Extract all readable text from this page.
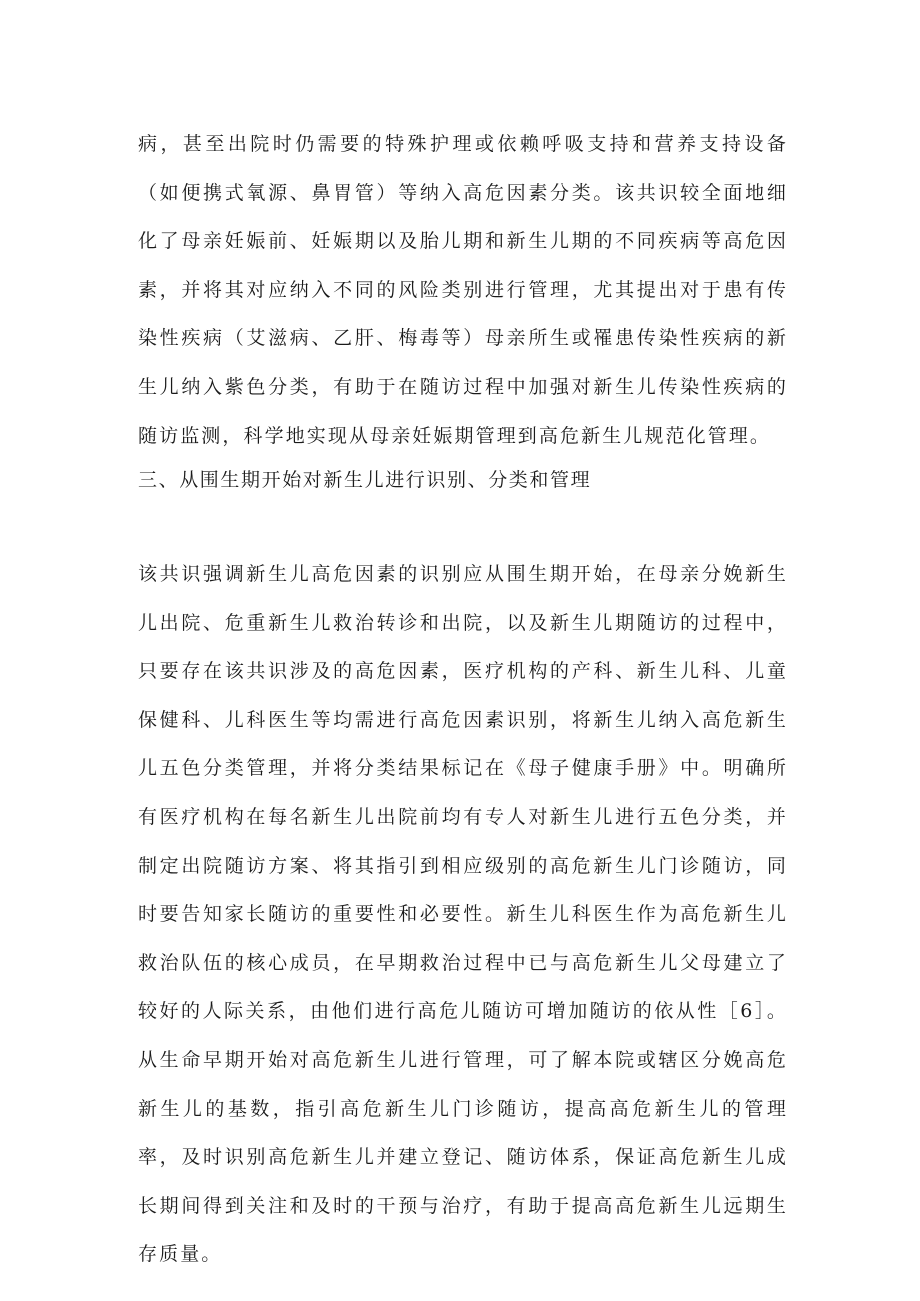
病，甚至出院时仍需要的特殊护理或依赖呼吸支持和营养支持设备（如便携式氧源、鼻胃管）等纳入高危因素分类。该共识较全面地细化了母亲妊娠前、妊娠期以及胎儿期和新生儿期的不同疾病等高危因素，并将其对应纳入不同的风险类别进行管理，尤其提出对于患有传染性疾病（艾滋病、乙肝、梅毒等）母亲所生或罹患传染性疾病的新生儿纳入紫色分类，有助于在随访过程中加强对新生儿传染性疾病的随访监测，科学地实现从母亲妊娠期管理到高危新生儿规范化管理。

三、从围生期开始对新生儿进行识别、分类和管理

该共识强调新生儿高危因素的识别应从围生期开始，在母亲分娩新生儿出院、危重新生儿救治转诊和出院，以及新生儿期随访的过程中，只要存在该共识涉及的高危因素，医疗机构的产科、新生儿科、儿童保健科、儿科医生等均需进行高危因素识别，将新生儿纳入高危新生儿五色分类管理，并将分类结果标记在《母子健康手册》中。明确所有医疗机构在每名新生儿出院前均有专人对新生儿进行五色分类，并制定出院随访方案、将其指引到相应级别的高危新生儿门诊随访，同时要告知家长随访的重要性和必要性。新生儿科医生作为高危新生儿救治队伍的核心成员，在早期救治过程中已与高危新生儿父母建立了较好的人际关系，由他们进行高危儿随访可增加随访的依从性［6］。从生命早期开始对高危新生儿进行管理，可了解本院或辖区分娩高危新生儿的基数，指引高危新生儿门诊随访，提高高危新生儿的管理率，及时识别高危新生儿并建立登记、随访体系，保证高危新生儿成长期间得到关注和及时的干预与治疗，有助于提高高危新生儿远期生存质量。
